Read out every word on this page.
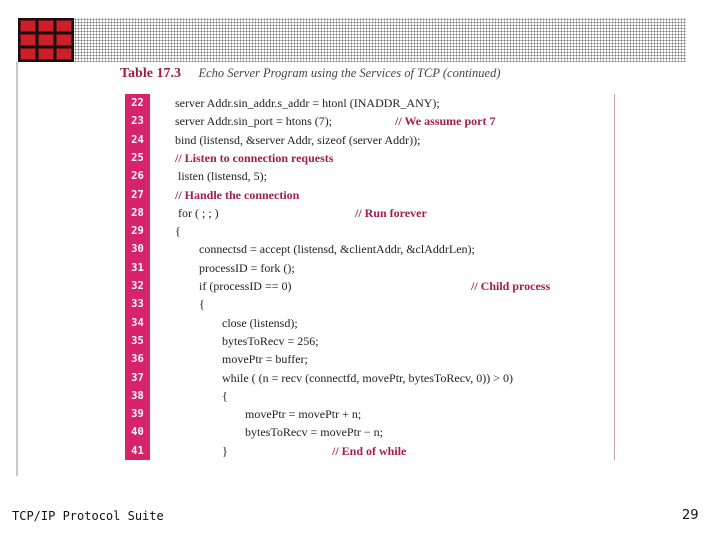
Table 17.3 Echo Server Program using the Services of TCP (continued)
22	server Addr.sin_addr.s_addr = htonl (INADDR_ANY);
23	server Addr.sin_port = htons (7);	// We assume port 7
24	bind (listensd, &server Addr, sizeof (server Addr));
25	// Listen to connection requests
26	listen (listensd, 5);
27	// Handle the connection
28	for ( ; ; )	// Run forever
29	{
30	connectsd = accept (listensd, &clientAddr, &clAddrLen);
31	processID = fork ();
32	if (processID == 0)	// Child process
33	{
34	close (listensd);
35	bytesToRecv = 256;
36	movePtr = buffer;
37	while ( (n = recv (connectfd, movePtr, bytesToRecv, 0)) > 0)
38	{
39	movePtr = movePtr + n;
40	bytesToRecv = movePtr − n;
41	}	// End of while
TCP/IP Protocol Suite	29
